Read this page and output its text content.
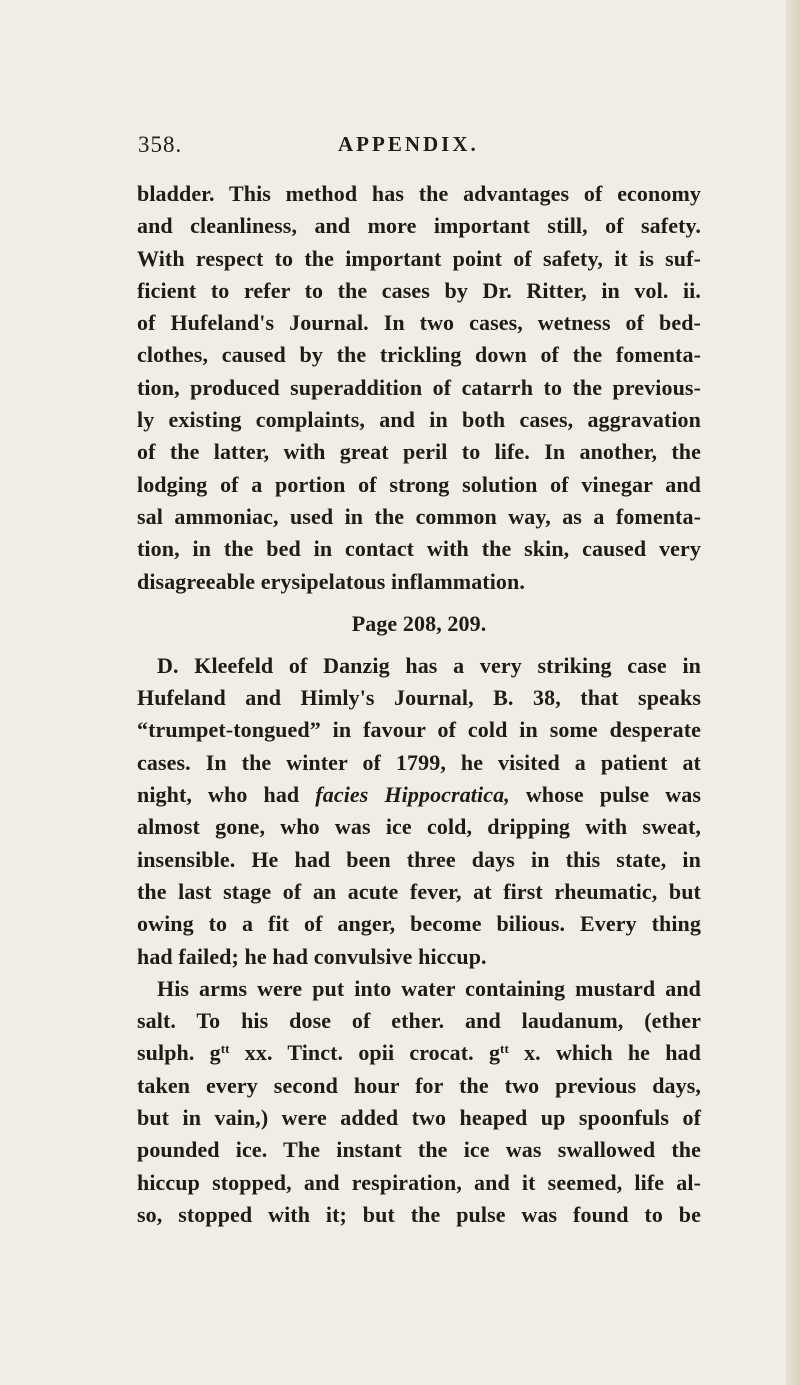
358.	APPENDIX.
bladder. This method has the advantages of economy
and cleanliness, and more important still, of safety.
With respect to the important point of safety, it is suf-
ficient to refer to the cases by Dr. Ritter, in vol. ii.
of Hufeland's Journal. In two cases, wetness of bed-
clothes, caused by the trickling down of the fomenta-
tion, produced superaddition of catarrh to the previous-
ly existing complaints, and in both cases, aggravation
of the latter, with great peril to life. In another, the
lodging of a portion of strong solution of vinegar and
sal ammoniac, used in the common way, as a fomenta-
tion, in the bed in contact with the skin, caused very
disagreeable erysipelatous inflammation.
Page 208, 209.
D. Kleefeld of Danzig has a very striking case in
Hufeland and Himly's Journal, B. 38, that speaks
“trumpet-tongued” in favour of cold in some desperate
cases. In the winter of 1799, he visited a patient at
night, who had facies Hippocratica, whose pulse was
almost gone, who was ice cold, dripping with sweat,
insensible. He had been three days in this state, in
the last stage of an acute fever, at first rheumatic, but
owing to a fit of anger, become bilious. Every thing
had failed; he had convulsive hiccup.
His arms were put into water containing mustard and
salt. To his dose of ether. and laudanum, (ether
sulph. $g^{tt}$ xx. Tinct. opii crocat. $g^{tt}$ x. which he had
taken every second hour for the two previous days,
but in vain,) were added two heaped up spoonfuls of
pounded ice. The instant the ice was swallowed the
hiccup stopped, and respiration, and it seemed, life al-
so, stopped with it; but the pulse was found to be
